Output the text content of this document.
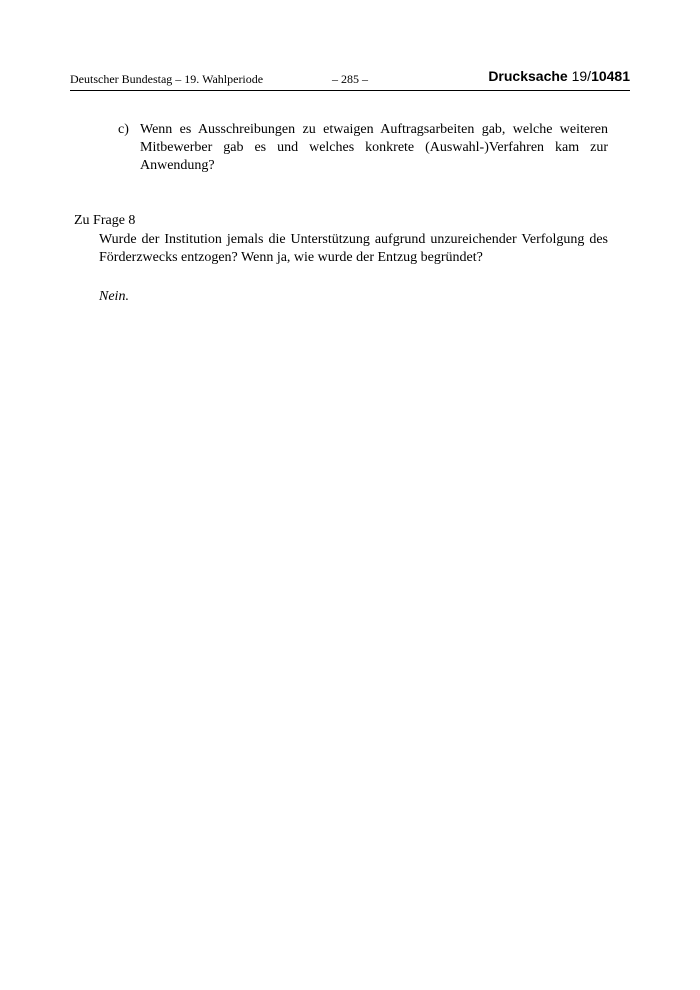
Deutscher Bundestag – 19. Wahlperiode	– 285 –	Drucksache 19/10481
c) Wenn es Ausschreibungen zu etwaigen Auftragsarbeiten gab, welche weiteren Mitbewerber gab es und welches konkrete (Auswahl-)Verfahren kam zur Anwendung?
Zu Frage 8
Wurde der Institution jemals die Unterstützung aufgrund unzureichender Verfolgung des Förderzwecks entzogen? Wenn ja, wie wurde der Entzug begründet?
Nein.
